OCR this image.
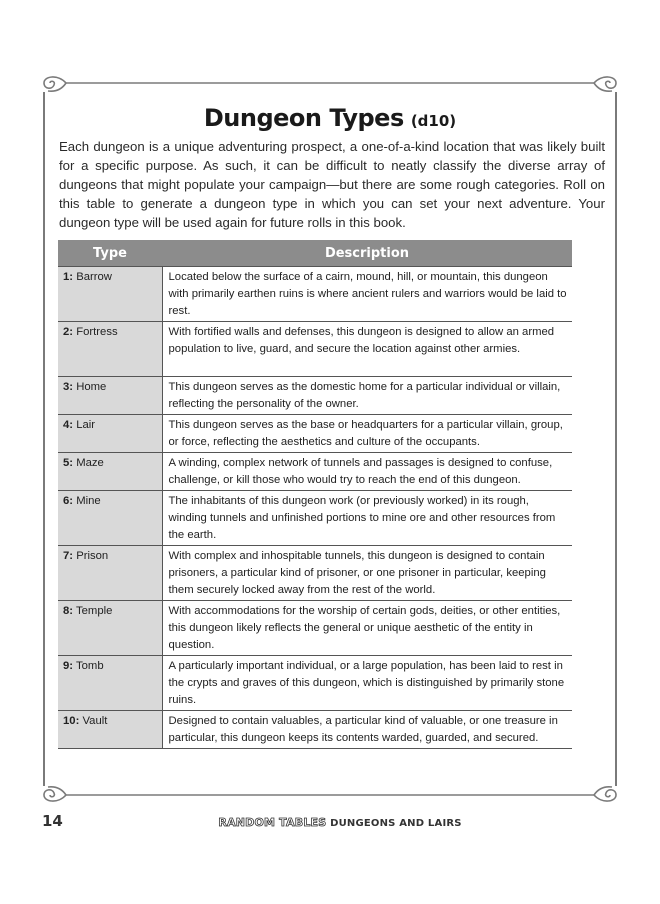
Dungeon Types (d10)

Each dungeon is a unique adventuring prospect, a one-of-a-kind location that was likely built for a specific purpose. As such, it can be difficult to neatly classify the diverse array of dungeons that might populate your campaign—but there are some rough categories. Roll on this table to generate a dungeon type in which you can set your next adventure. Your dungeon type will be used again for future rolls in this book.

Type	Description
1: Barrow	Located below the surface of a cairn, mound, hill, or mountain, this dungeon with primarily earthen ruins is where ancient rulers and warriors would be laid to rest.
2: Fortress	With fortified walls and defenses, this dungeon is designed to allow an armed population to live, guard, and secure the location against other armies.
3: Home	This dungeon serves as the domestic home for a particular individual or villain, reflecting the personality of the owner.
4: Lair	This dungeon serves as the base or headquarters for a particular villain, group, or force, reflecting the aesthetics and culture of the occupants.
5: Maze	A winding, complex network of tunnels and passages is designed to confuse, challenge, or kill those who would try to reach the end of this dungeon.
6: Mine	The inhabitants of this dungeon work (or previously worked) in its rough, winding tunnels and unfinished portions to mine ore and other resources from the earth.
7: Prison	With complex and inhospitable tunnels, this dungeon is designed to contain prisoners, a particular kind of prisoner, or one prisoner in particular, keeping them securely locked away from the rest of the world.
8: Temple	With accommodations for the worship of certain gods, deities, or other entities, this dungeon likely reflects the general or unique aesthetic of the entity in question.
9: Tomb	A particularly important individual, or a large population, has been laid to rest in the crypts and graves of this dungeon, which is distinguished by primarily stone ruins.
10: Vault	Designed to contain valuables, a particular kind of valuable, or one treasure in particular, this dungeon keeps its contents warded, guarded, and secured.
14	RANDOM TABLES DUNGEONS AND LAIRS
